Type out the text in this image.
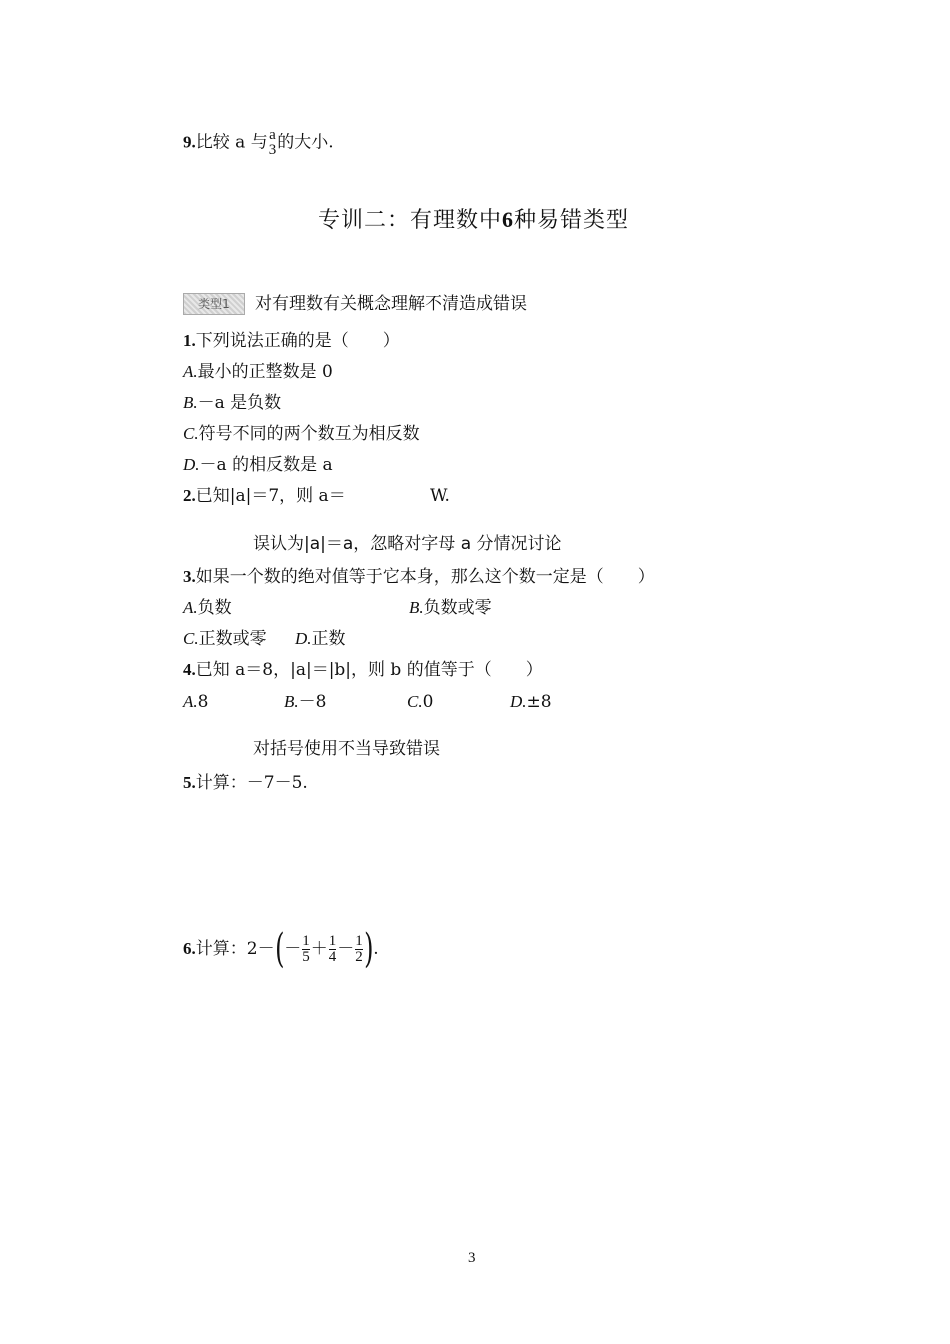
9.比较 a 与 a
3 的大小.
专训二：有理数中6种易错类型
类型1 对有理数有关概念理解不清造成错误
1.下列说法正确的是（　　）
A.最小的正整数是 0
B.－a 是负数
C.符号不同的两个数互为相反数
D.－a 的相反数是 a
2.已知|a|＝7，则 a＝	W.
误认为|a|＝a，忽略对字母 a 分情况讨论
3.如果一个数的绝对值等于它本身，那么这个数一定是（　　）
A.负数	B.负数或零
C.正数或零 D.正数
4.已知 a＝8，|a|＝|b|，则 b 的值等于（　　）
A.8	B.－8	C.0	D.±8
对括号使用不当导致错误
5.计算：－7－5.
6. 计算：2－ ( － $\frac{1}{5} + \frac{1}{4} - \frac{1}{2}$ ) .
3
